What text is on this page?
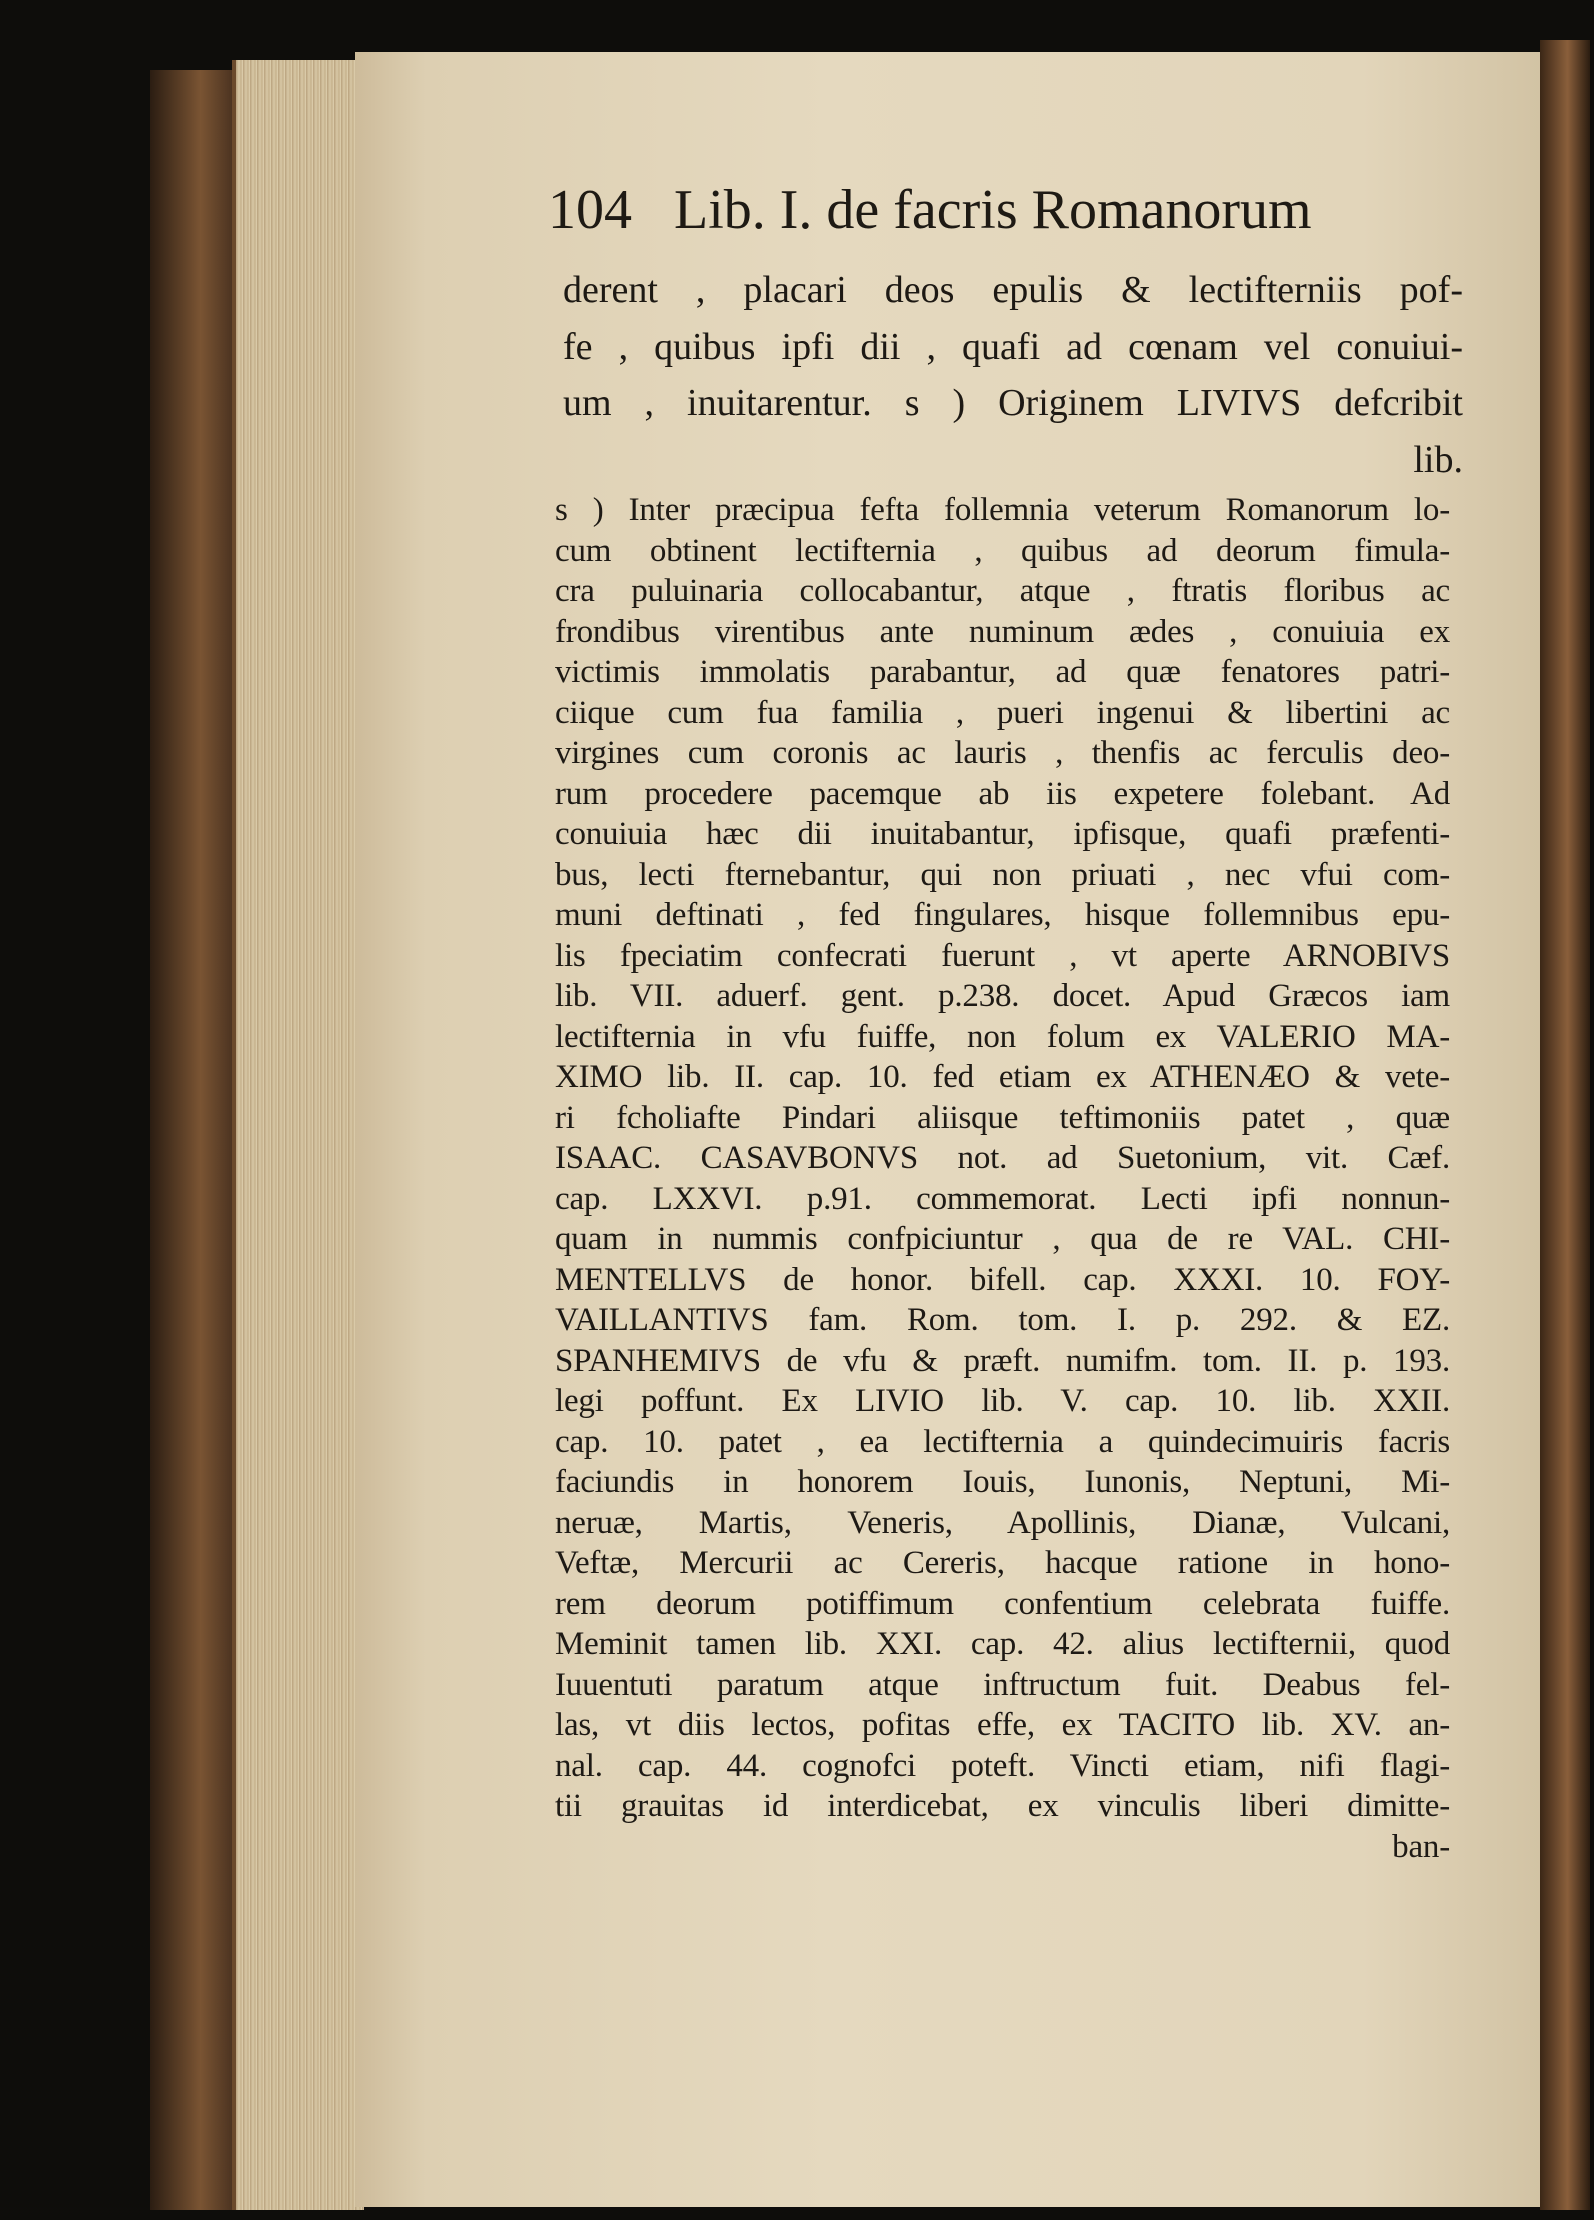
104 Lib. I. de facris Romanorum
derent , placari deos epulis & lectifterniis pof-
fe , quibus ipfi dii , quafi ad cœnam vel conuiui-
um , inuitarentur. s ) Originem LIVIVS defcribit
lib.
s ) Inter præcipua fefta follemnia veterum Romanorum lo-
cum obtinent lectifternia , quibus ad deorum fimula-
cra puluinaria collocabantur, atque , ftratis floribus ac
frondibus virentibus ante numinum ædes , conuiuia ex
victimis immolatis parabantur, ad quæ fenatores patri-
ciique cum fua familia , pueri ingenui & libertini ac
virgines cum coronis ac lauris , thenfis ac ferculis deo-
rum procedere pacemque ab iis expetere folebant. Ad
conuiuia hæc dii inuitabantur, ipfisque, quafi præfenti-
bus, lecti fternebantur, qui non priuati , nec vfui com-
muni deftinati , fed fingulares, hisque follemnibus epu-
lis fpeciatim confecrati fuerunt , vt aperte ARNOBIVS
lib. VII. aduerf. gent. p.238. docet. Apud Græcos iam
lectifternia in vfu fuiffe, non folum ex VALERIO MA-
XIMO lib. II. cap. 10. fed etiam ex ATHENÆO & vete-
ri fcholiafte Pindari aliisque teftimoniis patet , quæ
ISAAC. CASAVBONVS not. ad Suetonium, vit. Cæf.
cap. LXXVI. p.91. commemorat. Lecti ipfi nonnun-
quam in nummis confpiciuntur , qua de re VAL. CHI-
MENTELLVS de honor. bifell. cap. XXXI. 10. FOY-
VAILLANTIVS fam. Rom. tom. I. p. 292. & EZ.
SPANHEMIVS de vfu & præft. numifm. tom. II. p. 193.
legi poffunt. Ex LIVIO lib. V. cap. 10. lib. XXII.
cap. 10. patet , ea lectifternia a quindecimuiris facris
faciundis in honorem Iouis, Iunonis, Neptuni, Mi-
neruæ, Martis, Veneris, Apollinis, Dianæ, Vulcani,
Veftæ, Mercurii ac Cereris, hacque ratione in hono-
rem deorum potiffimum confentium celebrata fuiffe.
Meminit tamen lib. XXI. cap. 42. alius lectifternii, quod
Iuuentuti paratum atque inftructum fuit. Deabus fel-
las, vt diis lectos, pofitas effe, ex TACITO lib. XV. an-
nal. cap. 44. cognofci poteft. Vincti etiam, nifi flagi-
tii grauitas id interdicebat, ex vinculis liberi dimitte-
ban-
